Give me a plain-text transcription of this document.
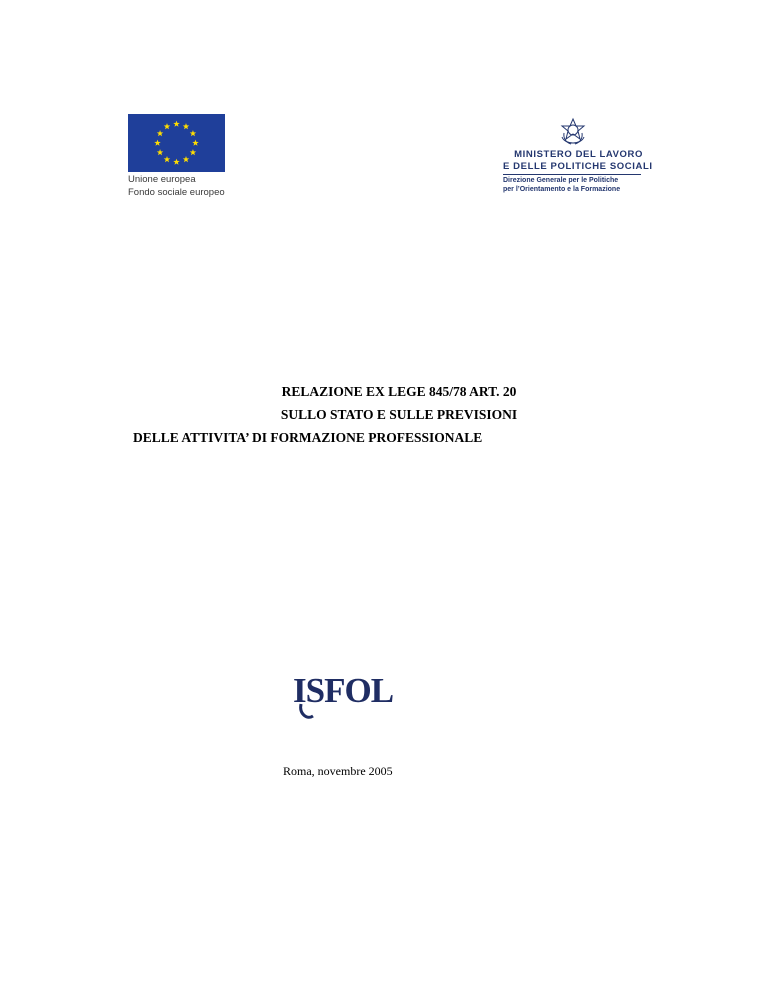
Unione europea
Fondo sociale europeo
MINISTERO DEL LAVORO
E DELLE POLITICHE SOCIALI
Direzione Generale per le Politiche
per l’Orientamento e la Formazione
RELAZIONE EX LEGE 845/78 ART. 20
SULLO STATO E SULLE PREVISIONI
DELLE ATTIVITA’ DI FORMAZIONE PROFESSIONALE
ISFOL
Roma, novembre 2005
